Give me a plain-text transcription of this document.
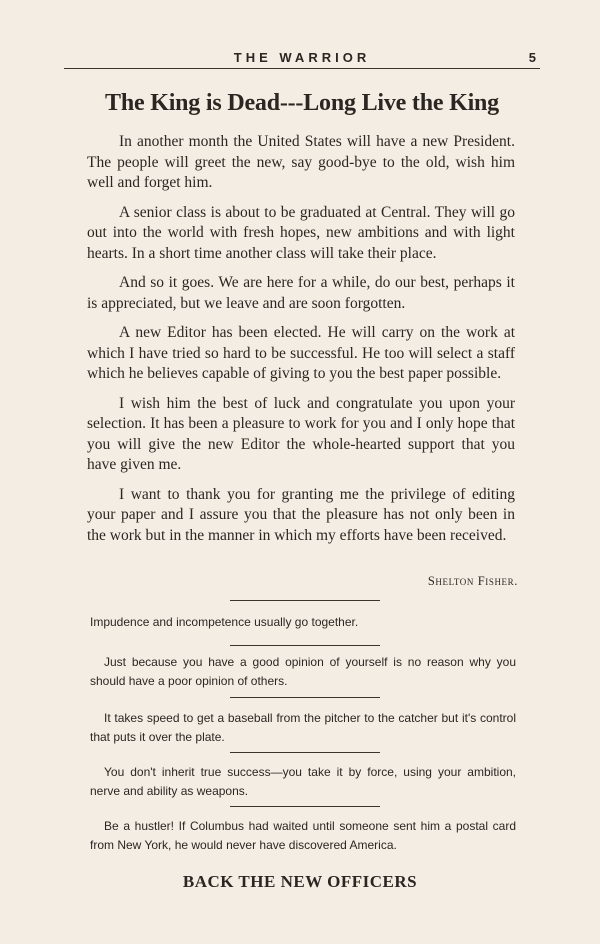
THE WARRIOR	5
The King is Dead---Long Live the King

In another month the United States will have a new President. The people will greet the new, say good-bye to the old, wish him well and forget him.

A senior class is about to be graduated at Central. They will go out into the world with fresh hopes, new ambitions and with light hearts. In a short time another class will take their place.

And so it goes. We are here for a while, do our best, perhaps it is appreciated, but we leave and are soon forgotten.

A new Editor has been elected. He will carry on the work at which I have tried so hard to be successful. He too will select a staff which he believes capable of giving to you the best paper possible.

I wish him the best of luck and congratulate you upon your selection. It has been a pleasure to work for you and I only hope that you will give the new Editor the whole-hearted support that you have given me.

I want to thank you for granting me the privilege of editing your paper and I assure you that the pleasure has not only been in the work but in the manner in which my efforts have been received.

Shelton Fisher.

Impudence and incompetence usually go together.

Just because you have a good opinion of yourself is no reason why you should have a poor opinion of others.

It takes speed to get a baseball from the pitcher to the catcher but it's control that puts it over the plate.

You don't inherit true success—you take it by force, using your ambition, nerve and ability as weapons.

Be a hustler! If Columbus had waited until someone sent him a postal card from New York, he would never have discovered America.

BACK THE NEW OFFICERS
